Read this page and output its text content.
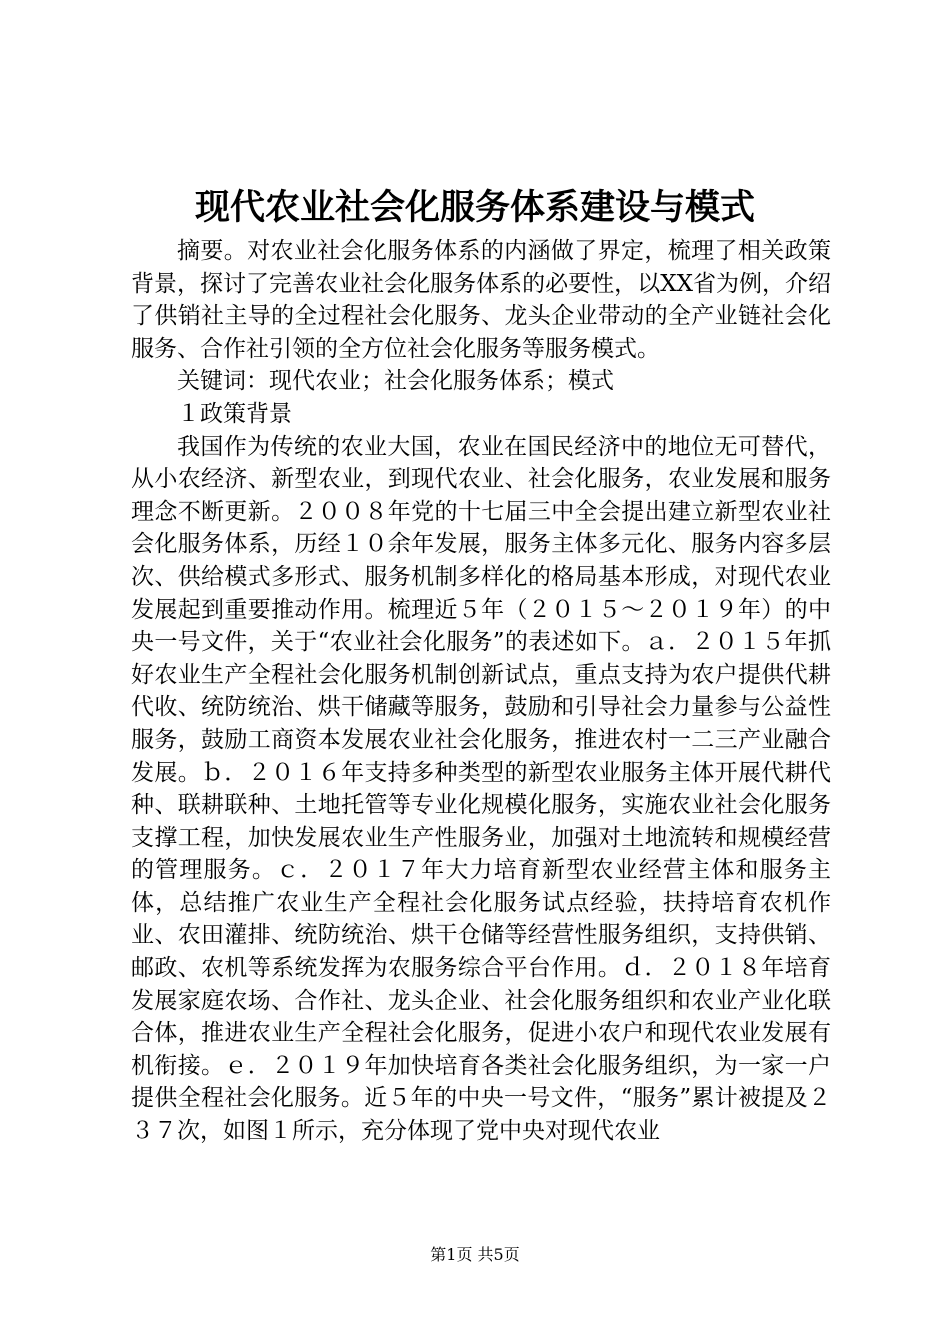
现代农业社会化服务体系建设与模式

摘要。对农业社会化服务体系的内涵做了界定，梳理了相关政策背景，探讨了完善农业社会化服务体系的必要性，以XX省为例，介绍了供销社主导的全过程社会化服务、龙头企业带动的全产业链社会化服务、合作社引领的全方位社会化服务等服务模式。

关键词：现代农业；社会化服务体系；模式

１政策背景

我国作为传统的农业大国，农业在国民经济中的地位无可替代，从小农经济、新型农业，到现代农业、社会化服务，农业发展和服务理念不断更新。２００８年党的十七届三中全会提出建立新型农业社会化服务体系，历经１０余年发展，服务主体多元化、服务内容多层次、供给模式多形式、服务机制多样化的格局基本形成，对现代农业发展起到重要推动作用。梳理近５年（２０１５～２０１９年）的中央一号文件，关于“农业社会化服务”的表述如下。ａ．２０１５年抓好农业生产全程社会化服务机制创新试点，重点支持为农户提供代耕代收、统防统治、烘干储藏等服务，鼓励和引导社会力量参与公益性服务，鼓励工商资本发展农业社会化服务，推进农村一二三产业融合发展。ｂ．２０１６年支持多种类型的新型农业服务主体开展代耕代种、联耕联种、土地托管等专业化规模化服务，实施农业社会化服务支撑工程，加快发展农业生产性服务业，加强对土地流转和规模经营的管理服务。ｃ．２０１７年大力培育新型农业经营主体和服务主体，总结推广农业生产全程社会化服务试点经验，扶持培育农机作业、农田灌排、统防统治、烘干仓储等经营性服务组织，支持供销、邮政、农机等系统发挥为农服务综合平台作用。ｄ．２０１８年培育发展家庭农场、合作社、龙头企业、社会化服务组织和农业产业化联合体，推进农业生产全程社会化服务，促进小农户和现代农业发展有机衔接。ｅ．２０１９年加快培育各类社会化服务组织，为一家一户提供全程社会化服务。近５年的中央一号文件，“服务”累计被提及２３７次，如图１所示，充分体现了党中央对现代农业

第1页 共5页
